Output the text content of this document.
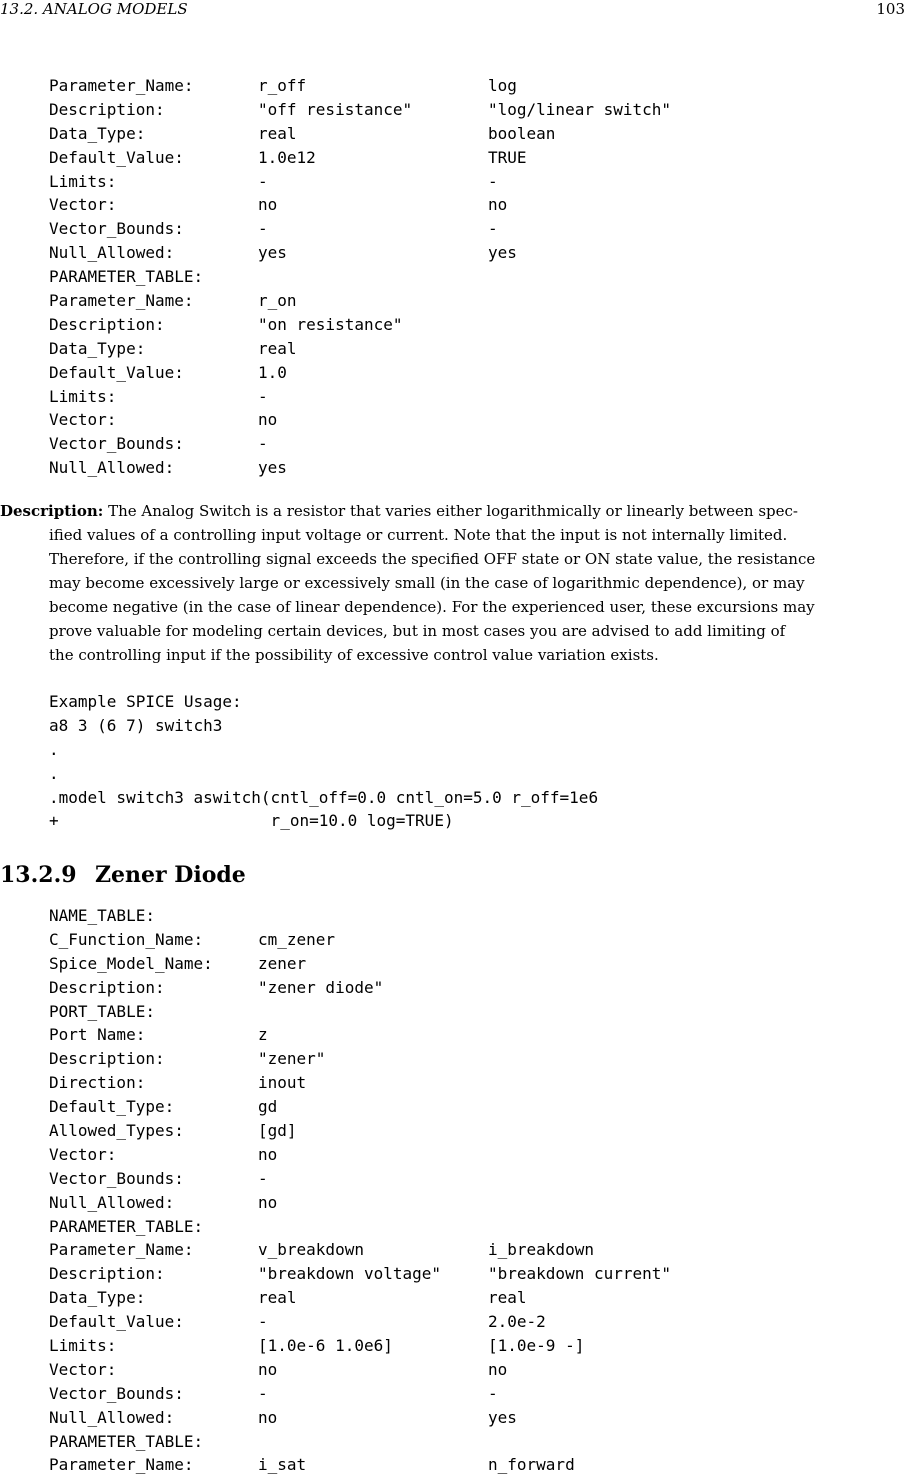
13.2. ANALOG MODELS	103
Parameter_Name:	r_off	log
Description:	"off resistance"	"log/linear switch"
Data_Type:	real	boolean
Default_Value:	1.0e12	TRUE
Limits:	-	-
Vector:	no	no
Vector_Bounds:	-	-
Null_Allowed:	yes	yes
PARAMETER_TABLE:
Parameter_Name:	r_on
Description:	"on resistance"
Data_Type:	real
Default_Value:	1.0
Limits:	-
Vector:	no
Vector_Bounds:	-
Null_Allowed:	yes
Description: The Analog Switch is a resistor that varies either logarithmically or linearly between spec-
ified values of a controlling input voltage or current. Note that the input is not internally limited.
Therefore, if the controlling signal exceeds the specified OFF state or ON state value, the resistance
may become excessively large or excessively small (in the case of logarithmic dependence), or may
become negative (in the case of linear dependence). For the experienced user, these excursions may
prove valuable for modeling certain devices, but in most cases you are advised to add limiting of
the controlling input if the possibility of excessive control value variation exists.
Example SPICE Usage:
a8 3 (6 7) switch3
.
.
.model switch3 aswitch(cntl_off=0.0 cntl_on=5.0 r_off=1e6
+                      r_on=10.0 log=TRUE)
13.2.9 Zener Diode
NAME_TABLE:
C_Function_Name:	cm_zener
Spice_Model_Name:	zener
Description:	"zener diode"
PORT_TABLE:
Port Name:	z
Description:	"zener"
Direction:	inout
Default_Type:	gd
Allowed_Types:	[gd]
Vector:	no
Vector_Bounds:	-
Null_Allowed:	no
PARAMETER_TABLE:
Parameter_Name:	v_breakdown	i_breakdown
Description:	"breakdown voltage"	"breakdown current"
Data_Type:	real	real
Default_Value:	-	2.0e-2
Limits:	[1.0e-6 1.0e6]	[1.0e-9 -]
Vector:	no	no
Vector_Bounds:	-	-
Null_Allowed:	no	yes
PARAMETER_TABLE:
Parameter_Name:	i_sat	n_forward
